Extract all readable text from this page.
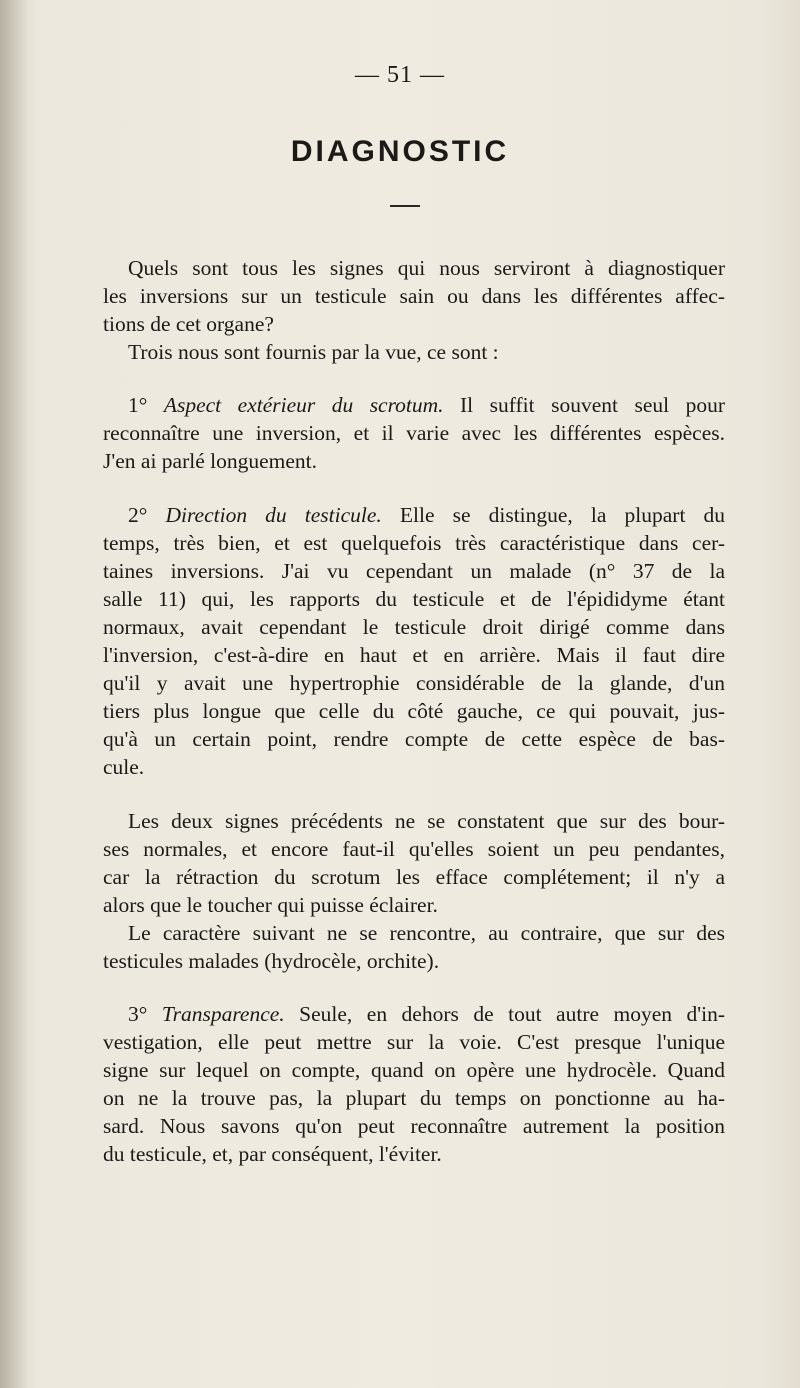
— 51 —
DIAGNOSTIC
Quels sont tous les signes qui nous serviront à diagnostiquer
les inversions sur un testicule sain ou dans les différentes affec-
tions de cet organe?
Trois nous sont fournis par la vue, ce sont :
1° Aspect extérieur du scrotum. Il suffit souvent seul pour
reconnaître une inversion, et il varie avec les différentes espèces.
J'en ai parlé longuement.
2° Direction du testicule. Elle se distingue, la plupart du
temps, très bien, et est quelquefois très caractéristique dans cer-
taines inversions. J'ai vu cependant un malade (n° 37 de la
salle 11) qui, les rapports du testicule et de l'épididyme étant
normaux, avait cependant le testicule droit dirigé comme dans
l'inversion, c'est-à-dire en haut et en arrière. Mais il faut dire
qu'il y avait une hypertrophie considérable de la glande, d'un
tiers plus longue que celle du côté gauche, ce qui pouvait, jus-
qu'à un certain point, rendre compte de cette espèce de bas-
cule.
Les deux signes précédents ne se constatent que sur des bour-
ses normales, et encore faut-il qu'elles soient un peu pendantes,
car la rétraction du scrotum les efface complétement; il n'y a
alors que le toucher qui puisse éclairer.
Le caractère suivant ne se rencontre, au contraire, que sur des
testicules malades (hydrocèle, orchite).
3° Transparence. Seule, en dehors de tout autre moyen d'in-
vestigation, elle peut mettre sur la voie. C'est presque l'unique
signe sur lequel on compte, quand on opère une hydrocèle. Quand
on ne la trouve pas, la plupart du temps on ponctionne au ha-
sard. Nous savons qu'on peut reconnaître autrement la position
du testicule, et, par conséquent, l'éviter.
